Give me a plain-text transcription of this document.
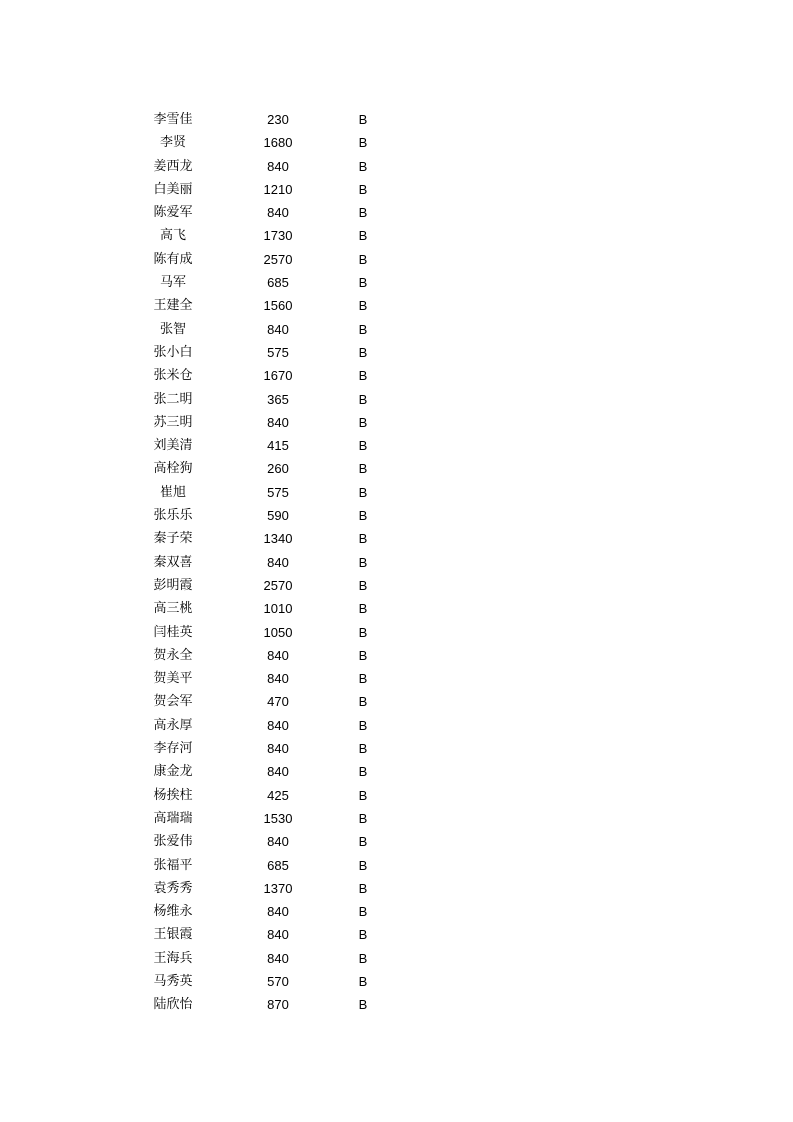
李雪佳	230	B
李贤	1680	B
姜西龙	840	B
白美丽	1210	B
陈爱军	840	B
高飞	1730	B
陈有成	2570	B
马军	685	B
王建全	1560	B
张智	840	B
张小白	575	B
张米仓	1670	B
张二明	365	B
苏三明	840	B
刘美清	415	B
高栓狗	260	B
崔旭	575	B
张乐乐	590	B
秦子荣	1340	B
秦双喜	840	B
彭明霞	2570	B
高三桃	1010	B
闫桂英	1050	B
贺永全	840	B
贺美平	840	B
贺会军	470	B
高永厚	840	B
李存河	840	B
康金龙	840	B
杨挨柱	425	B
高瑞瑞	1530	B
张爱伟	840	B
张福平	685	B
袁秀秀	1370	B
杨维永	840	B
王银霞	840	B
王海兵	840	B
马秀英	570	B
陆欣怡	870	B
